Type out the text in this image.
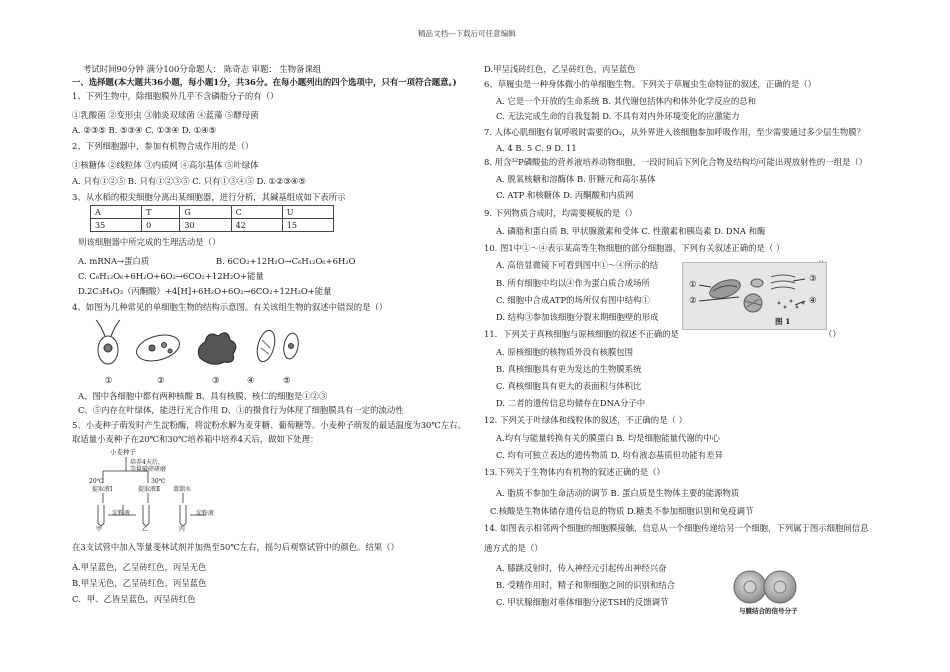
精品文档---下载后可任意编辑
考试时间90分钟 满分100分命题人： 陈奇志 审题： 生物备课组
一、选择题(本大题共36小题，每小题1分，共36分。在每小题列出的四个选项中，只有一项符合题意。)
1、下列生物中，除细胞膜外几乎不含磷脂分子的有（）
①乳酸菌 ②变形虫 ③肺炎双球菌 ④蓝藻 ⑤酵母菌
A. ②③⑤ B. ⑤③④ C. ①③④ D. ①④⑤
2、下列细胞器中，参加有机物合成作用的是（）
①核糖体 ②线粒体 ③内质网 ④高尔基体 ⑤叶绿体
A. 只有①②⑤ B. 只有①②③⑤ C. 只有①③④⑤ D. ①②③④⑤
3、从水稻的根尖细胞分离出某细胞器，进行分析，其碱基组成如下表所示
A	T	G	C	U
35	0	30	42	15
则该细胞器中所完成的生理活动是（）
A. mRNA→蛋白质	B. 6CO₂+12H₂O→C₆H₁₂O₆+6H₂O
C. C₆H₁₂O₆+6H₂O+6O₂→6CO₂+12H₂O+能量
D.2C₃H₄O₃（丙酮酸）+4[H]+6H₂O+6O₂→6CO₂+12H₂O+能量
4、如图为几种常见的单细胞生物的结构示意图。有关该组生物的叙述中错误的是（）
①	②	③	④	⑤
A、图中各细胞中都有两种核酸 B、具有核膜、核仁的细胞是①②③
C、⑤内存在叶绿体，能进行光合作用 D、①的摄食行为体现了细胞膜具有一定的流动性
5、小麦种子萌发时产生淀粉酶，将淀粉水解为麦芽糖、葡萄糖等。小麦种子萌发的最适温度为30℃左右。
取适量小麦种子在20℃和30℃培养箱中培养4天后，做如下处理：
小麦种子
培养4天后，
等量破碎研磨
20℃	30℃
提取液Ⅰ	提取液Ⅱ 蒸馏水
淀粉液	淀粉液
甲	乙	丙
在3支试管中加入等量斐林试剂并加热至50℃左右，摇匀后观察试管中的颜色。结果（）
A.甲呈蓝色，乙呈砖红色，丙呈无色
B.甲呈无色，乙呈砖红色，丙呈蓝色
C．甲、乙皆呈蓝色，丙呈砖红色
D.甲呈浅砖红色，乙呈砖红色，丙呈蓝色
6、草履虫是一种身体微小的单细胞生物。下列关于草履虫生命特征的叙述，正确的是（）
A. 它是一个开放的生命系统 B. 其代谢包括体内和体外化学反应的总和
C. 无法完成生命的自我复制 D. 不具有对内外环境变化的应激能力
7. 人体心肌细胞有氧呼吸时需要的O₂，从外界进入该细胞参加呼吸作用，至少需要通过多少层生物膜？
A. 4 B. 5 C. 9 D. 11
8. 用含³²P磷酸盐的营养液培养动物细胞，一段时间后下列化合物及结构均可能出现放射性的一组是（）
A. 脱氧核糖和溶酶体 B. 肝糖元和高尔基体
C. ATP 和核糖体 D. 丙酮酸和内质网
9. 下列物质合成时，均需要模板的是（）
A. 磷脂和蛋白质 B. 甲状腺激素和受体 C. 性激素和胰岛素 D. DNA 和酶
10. 图1中①～④表示某高等生物细胞的部分细胞器，下列有关叙述正确的是（ ）
A. 高倍显微镜下可看到图中①～④所示的结
B. 所有细胞中均以④作为蛋白质合成场所
C. 细胞中合成ATP的场所仅有图中结构①
D. 结构③参加该细胞分裂末期细胞壁的形成
①
②
③
④
图 1
11．下列关于真核细胞与原核细胞的叙述不正确的是	（）
A. 原核细胞的核物质外没有核膜包围
B. 真核细胞具有更为发达的生物膜系统
C. 真核细胞具有更大的表面积与体积比
D. 二者的遗传信息均储存在DNA分子中
12. 下列关于叶绿体和线粒体的叙述，不正确的是（ ）
A.均有与能量转换有关的膜蛋白 B. 均是细胞能量代谢的中心
C. 均有可独立表达的遗传物质 D. 均有液态基质但功能有差异
13.下列关于生物体内有机物的叙述正确的是（）
A. 脂质不参加生命活动的调节 B. 蛋白质是生物体主要的能源物质
C.核酸是生物体储存遗传信息的物质 D.糖类不参加细胞识别和免疫调节
14. 如图表示相邻两个细胞的细胞膜接触，信息从一个细胞传递给另一个细胞，下列属于图示细胞间信息
通方式的是（）
A. 膝跳反射时，传入神经元引起传出神经兴奋
B. 受精作用时，精子和卵细胞之间的识别和结合
C. 甲状腺细胞对垂体细胞分泌TSH的反馈调节
与膜结合的信号分子
